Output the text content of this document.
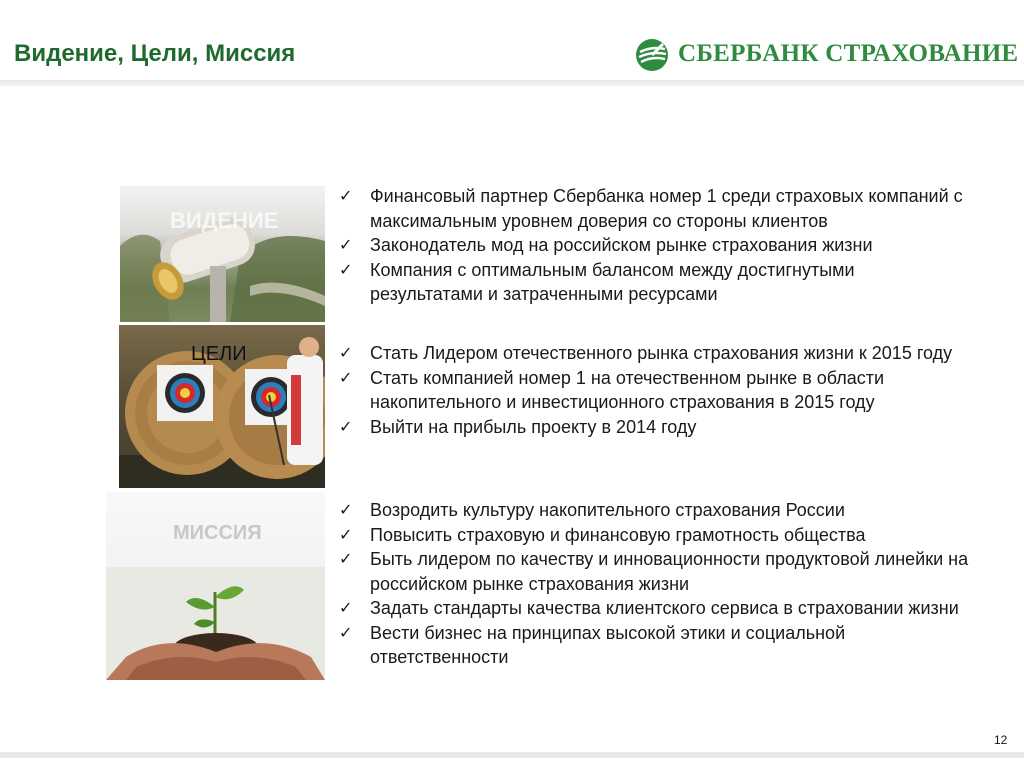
Видение, Цели, Миссия	СБЕРБАНК СТРАХОВАНИЕ
ВИДЕНИЕ
ЦЕЛИ
МИССИЯ
✓ Финансовый партнер Сбербанка номер 1 среди страховых компаний с максимальным уровнем доверия со стороны клиентов
✓ Законодатель мод на российском рынке страхования жизни
✓ Компания с оптимальным балансом между достигнутыми результатами и затраченными ресурсами
✓ Стать Лидером отечественного рынка страхования жизни к 2015 году
✓ Стать компанией номер 1 на отечественном рынке в области накопительного и инвестиционного страхования в 2015 году
✓ Выйти на прибыль проекту в 2014 году
✓ Возродить культуру накопительного страхования России
✓ Повысить страховую и финансовую грамотность общества
✓ Быть лидером по качеству и инновационности продуктовой линейки на российском рынке страхования жизни
✓ Задать стандарты качества клиентского сервиса в страховании жизни
✓ Вести бизнес на принципах высокой этики и социальной ответственности
12
